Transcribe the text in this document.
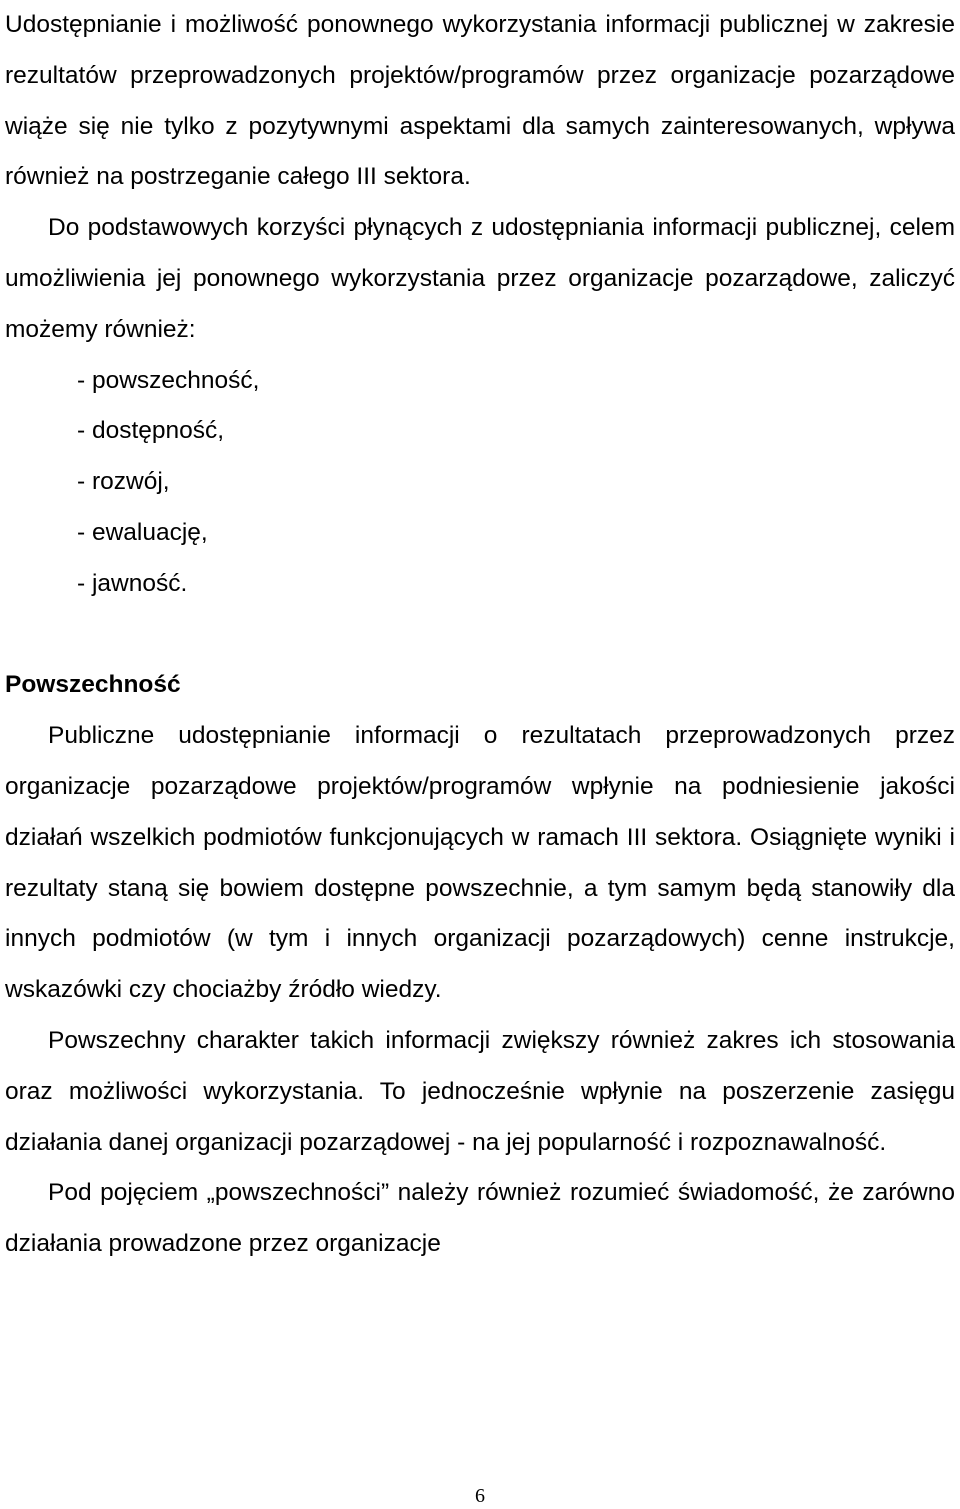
Udostępnianie i możliwość ponownego wykorzystania informacji publicznej w zakresie rezultatów przeprowadzonych projektów/programów przez organizacje pozarządowe wiąże się nie tylko z pozytywnymi aspektami dla samych zainteresowanych, wpływa również na postrzeganie całego III sektora.

Do podstawowych korzyści płynących z udostępniania informacji publicznej, celem umożliwienia jej ponownego wykorzystania przez organizacje pozarządowe, zaliczyć możemy również:

- powszechność,
- dostępność,
- rozwój,
- ewaluację,
- jawność.
Powszechność

Publiczne udostępnianie informacji o rezultatach przeprowadzonych przez organizacje pozarządowe projektów/programów wpłynie na podniesienie jakości działań wszelkich podmiotów funkcjonujących w ramach III sektora. Osiągnięte wyniki i rezultaty staną się bowiem dostępne powszechnie, a tym samym będą stanowiły dla innych podmiotów (w tym i innych organizacji pozarządowych) cenne instrukcje, wskazówki czy chociażby źródło wiedzy.

Powszechny charakter takich informacji zwiększy również zakres ich stosowania oraz możliwości wykorzystania. To jednocześnie wpłynie na poszerzenie zasięgu działania danej organizacji pozarządowej - na jej popularność i rozpoznawalność.

Pod pojęciem „powszechności” należy również rozumieć świadomość, że zarówno działania prowadzone przez organizacje

6
